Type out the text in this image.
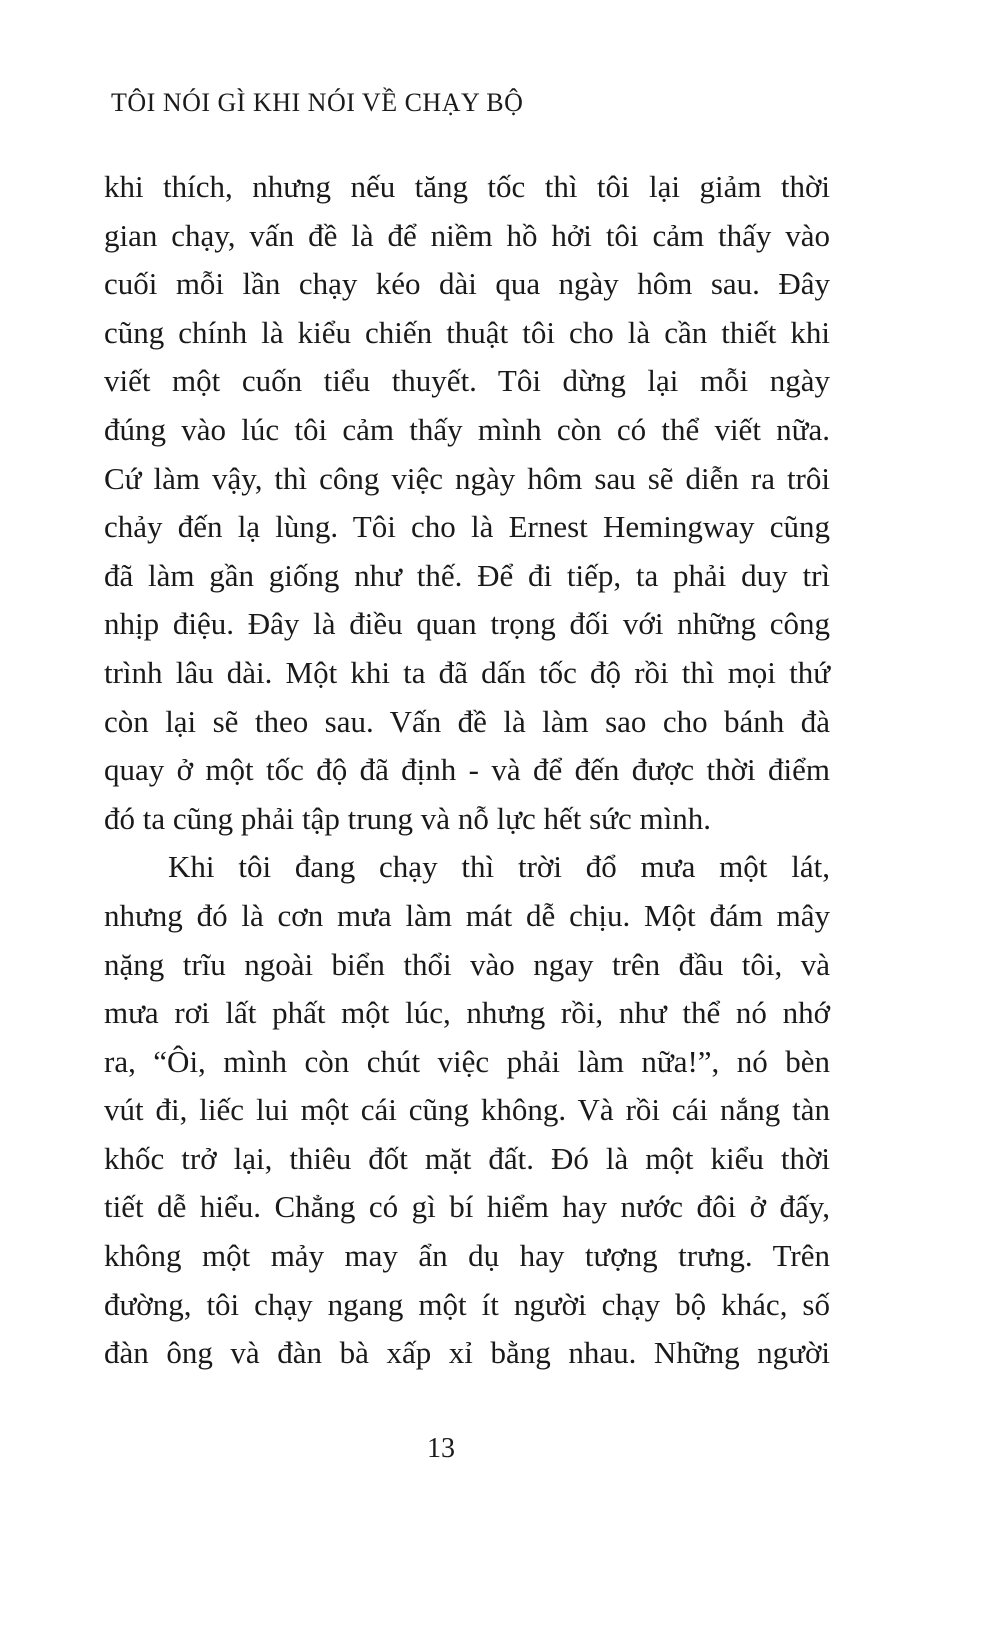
TÔI NÓI GÌ KHI NÓI VỀ CHẠY BỘ

khi thích, nhưng nếu tăng tốc thì tôi lại giảm thời
gian chạy, vấn đề là để niềm hồ hởi tôi cảm thấy vào
cuối mỗi lần chạy kéo dài qua ngày hôm sau. Đây
cũng chính là kiểu chiến thuật tôi cho là cần thiết khi
viết một cuốn tiểu thuyết. Tôi dừng lại mỗi ngày
đúng vào lúc tôi cảm thấy mình còn có thể viết nữa.
Cứ làm vậy, thì công việc ngày hôm sau sẽ diễn ra trôi
chảy đến lạ lùng. Tôi cho là Ernest Hemingway cũng
đã làm gần giống như thế. Để đi tiếp, ta phải duy trì
nhịp điệu. Đây là điều quan trọng đối với những công
trình lâu dài. Một khi ta đã dấn tốc độ rồi thì mọi thứ
còn lại sẽ theo sau. Vấn đề là làm sao cho bánh đà
quay ở một tốc độ đã định - và để đến được thời điểm
đó ta cũng phải tập trung và nỗ lực hết sức mình.

Khi tôi đang chạy thì trời đổ mưa một lát,
nhưng đó là cơn mưa làm mát dễ chịu. Một đám mây
nặng trĩu ngoài biển thổi vào ngay trên đầu tôi, và
mưa rơi lất phất một lúc, nhưng rồi, như thể nó nhớ
ra, “Ôi, mình còn chút việc phải làm nữa!”, nó bèn
vút đi, liếc lui một cái cũng không. Và rồi cái nắng tàn
khốc trở lại, thiêu đốt mặt đất. Đó là một kiểu thời
tiết dễ hiểu. Chẳng có gì bí hiểm hay nước đôi ở đấy,
không một mảy may ẩn dụ hay tượng trưng. Trên
đường, tôi chạy ngang một ít người chạy bộ khác, số
đàn ông và đàn bà xấp xỉ bằng nhau. Những người

13
